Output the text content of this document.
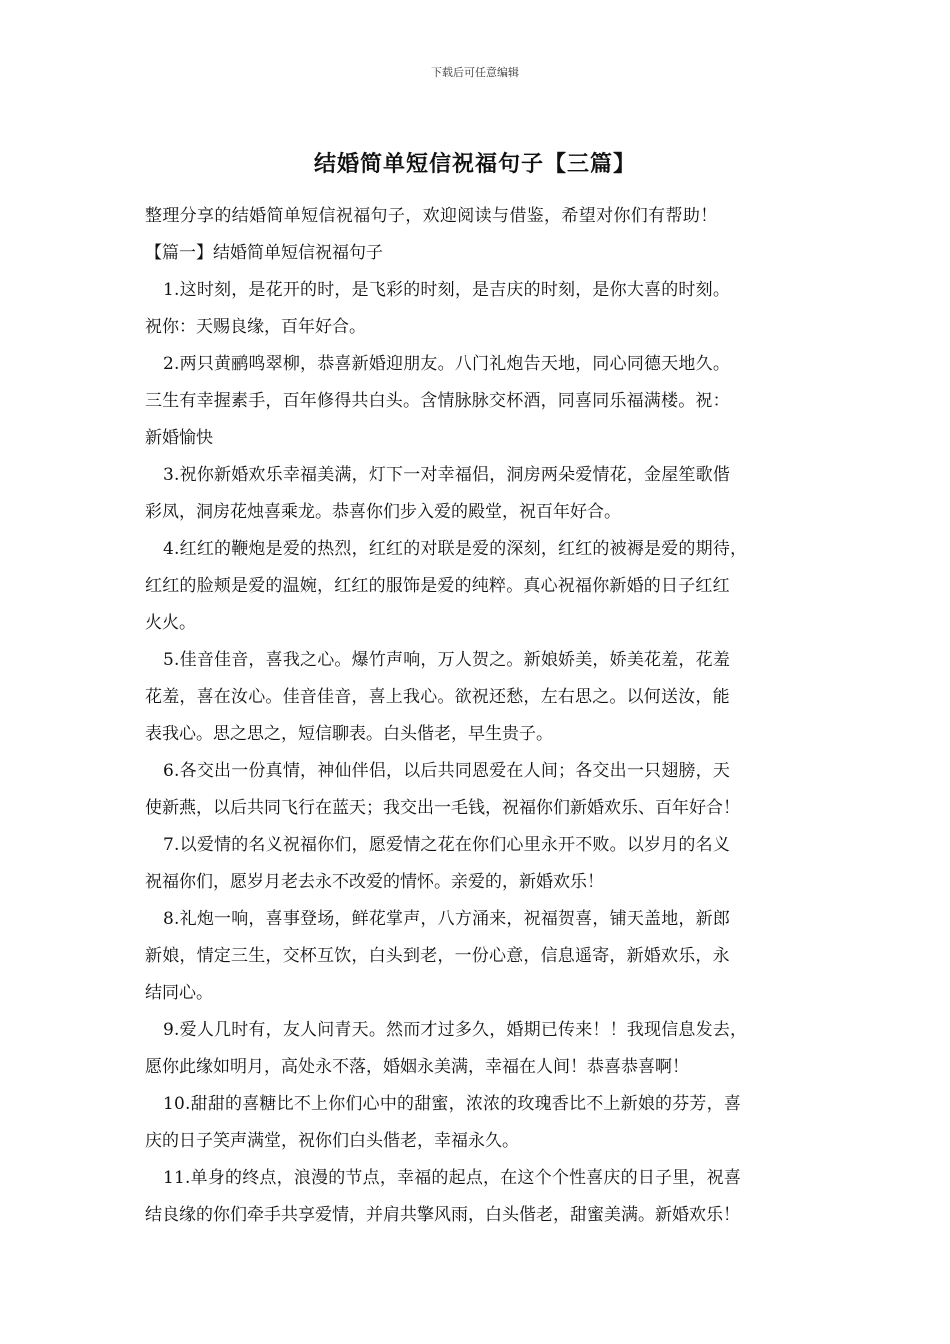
下载后可任意编辑
结婚简单短信祝福句子【三篇】
整理分享的结婚简单短信祝福句子，欢迎阅读与借鉴，希望对你们有帮助！
【篇一】结婚简单短信祝福句子
1.这时刻，是花开的时，是飞彩的时刻，是吉庆的时刻，是你大喜的时刻。
祝你：天赐良缘，百年好合。
2.两只黄鹂鸣翠柳，恭喜新婚迎朋友。八门礼炮告天地，同心同德天地久。
三生有幸握素手，百年修得共白头。含情脉脉交杯酒，同喜同乐福满楼。祝：
新婚愉快
3.祝你新婚欢乐幸福美满，灯下一对幸福侣，洞房两朵爱情花，金屋笙歌偕
彩凤，洞房花烛喜乘龙。恭喜你们步入爱的殿堂，祝百年好合。
4.红红的鞭炮是爱的热烈，红红的对联是爱的深刻，红红的被褥是爱的期待，
红红的脸颊是爱的温婉，红红的服饰是爱的纯粹。真心祝福你新婚的日子红红
火火。
5.佳音佳音，喜我之心。爆竹声响，万人贺之。新娘娇美，娇美花羞，花羞
花羞，喜在汝心。佳音佳音，喜上我心。欲祝还愁，左右思之。以何送汝，能
表我心。思之思之，短信聊表。白头偕老，早生贵子。
6.各交出一份真情，神仙伴侣，以后共同恩爱在人间；各交出一只翅膀，天
使新燕，以后共同飞行在蓝天；我交出一毛钱，祝福你们新婚欢乐、百年好合！
7.以爱情的名义祝福你们，愿爱情之花在你们心里永开不败。以岁月的名义
祝福你们，愿岁月老去永不改爱的情怀。亲爱的，新婚欢乐！
8.礼炮一响，喜事登场，鲜花掌声，八方涌来，祝福贺喜，铺天盖地，新郎
新娘，情定三生，交杯互饮，白头到老，一份心意，信息遥寄，新婚欢乐，永
结同心。
9.爱人几时有，友人问青天。然而才过多久，婚期已传来！！我现信息发去，
愿你此缘如明月，高处永不落，婚姻永美满，幸福在人间！恭喜恭喜啊！
10.甜甜的喜糖比不上你们心中的甜蜜，浓浓的玫瑰香比不上新娘的芬芳，喜
庆的日子笑声满堂，祝你们白头偕老，幸福永久。
11.单身的终点，浪漫的节点，幸福的起点，在这个个性喜庆的日子里，祝喜
结良缘的你们牵手共享爱情，并肩共擎风雨，白头偕老，甜蜜美满。新婚欢乐！
